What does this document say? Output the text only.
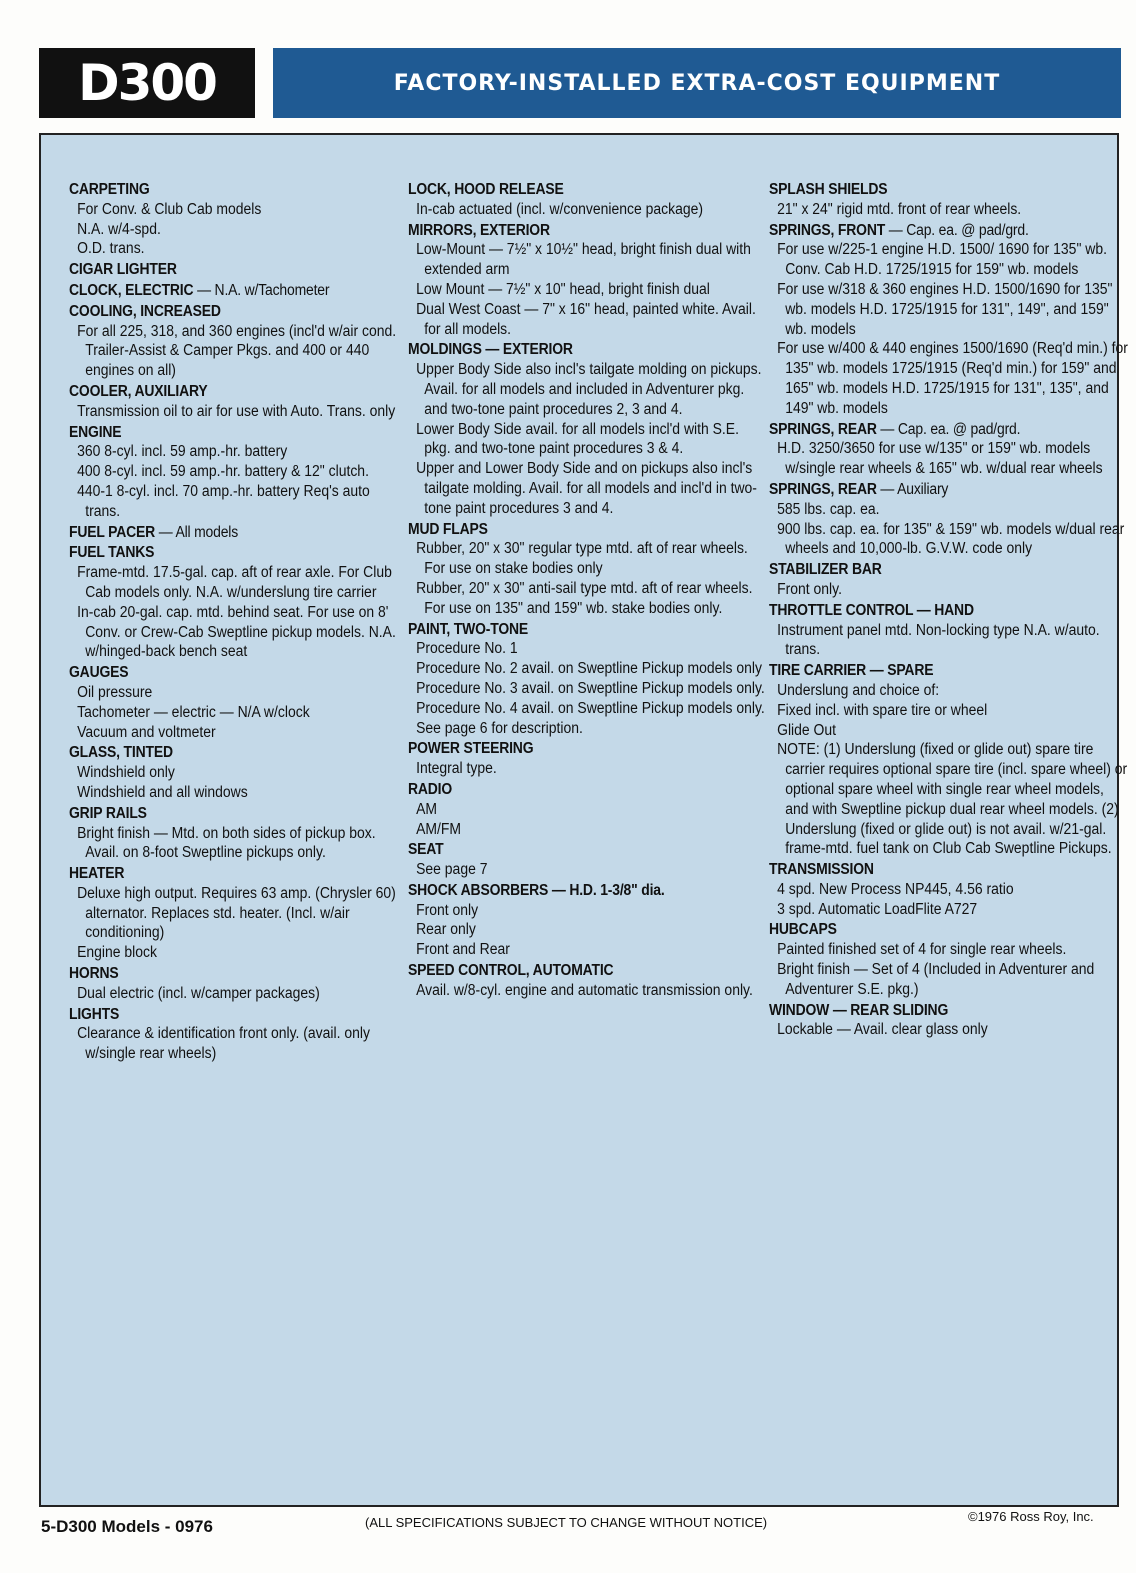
D300	FACTORY-INSTALLED EXTRA-COST EQUIPMENT
CARPETING
For Conv. & Club Cab models
N.A. w/4-spd.
O.D. trans.
CIGAR LIGHTER
CLOCK, ELECTRIC — N.A. w/Tachometer
COOLING, INCREASED
For all 225, 318, and 360 engines (incl'd w/air cond. Trailer-Assist & Camper Pkgs. and 400 or 440 engines on all)
COOLER, AUXILIARY
Transmission oil to air for use with Auto. Trans. only
ENGINE
360 8-cyl. incl. 59 amp.-hr. battery
400 8-cyl. incl. 59 amp.-hr. battery & 12" clutch.
440-1 8-cyl. incl. 70 amp.-hr. battery Req's auto trans.
FUEL PACER — All models
FUEL TANKS
Frame-mtd. 17.5-gal. cap. aft of rear axle. For Club Cab models only. N.A. w/underslung tire carrier
In-cab 20-gal. cap. mtd. behind seat. For use on 8' Conv. or Crew-Cab Sweptline pickup models. N.A. w/hinged-back bench seat
GAUGES
Oil pressure
Tachometer — electric — N/A w/clock
Vacuum and voltmeter
GLASS, TINTED
Windshield only
Windshield and all windows
GRIP RAILS
Bright finish — Mtd. on both sides of pickup box. Avail. on 8-foot Sweptline pickups only.
HEATER
Deluxe high output. Requires 63 amp. (Chrysler 60) alternator. Replaces std. heater. (Incl. w/air conditioning)
Engine block
HORNS
Dual electric (incl. w/camper packages)
LIGHTS
Clearance & identification front only. (avail. only w/single rear wheels)
LOCK, HOOD RELEASE
In-cab actuated (incl. w/convenience package)
MIRRORS, EXTERIOR
Low-Mount — 7½" x 10½" head, bright finish dual with extended arm
Low Mount — 7½" x 10" head, bright finish dual
Dual West Coast — 7" x 16" head, painted white. Avail. for all models.
MOLDINGS — EXTERIOR
Upper Body Side also incl's tailgate molding on pickups. Avail. for all models and included in Adventurer pkg. and two-tone paint procedures 2, 3 and 4.
Lower Body Side avail. for all models incl'd with S.E. pkg. and two-tone paint procedures 3 & 4.
Upper and Lower Body Side and on pickups also incl's tailgate molding. Avail. for all models and incl'd in two-tone paint procedures 3 and 4.
MUD FLAPS
Rubber, 20" x 30" regular type mtd. aft of rear wheels. For use on stake bodies only
Rubber, 20" x 30" anti-sail type mtd. aft of rear wheels. For use on 135" and 159" wb. stake bodies only.
PAINT, TWO-TONE
Procedure No. 1
Procedure No. 2 avail. on Sweptline Pickup models only
Procedure No. 3 avail. on Sweptline Pickup models only.
Procedure No. 4 avail. on Sweptline Pickup models only.
See page 6 for description.
POWER STEERING
Integral type.
RADIO
AM
AM/FM
SEAT
See page 7
SHOCK ABSORBERS — H.D. 1-3/8" dia.
Front only
Rear only
Front and Rear
SPEED CONTROL, AUTOMATIC
Avail. w/8-cyl. engine and automatic transmission only.
SPLASH SHIELDS
21" x 24" rigid mtd. front of rear wheels.
SPRINGS, FRONT — Cap. ea. @ pad/grd.
For use w/225-1 engine H.D. 1500/ 1690 for 135" wb. Conv. Cab H.D. 1725/1915 for 159" wb. models
For use w/318 & 360 engines H.D. 1500/1690 for 135" wb. models H.D. 1725/1915 for 131", 149", and 159" wb. models
For use w/400 & 440 engines 1500/1690 (Req'd min.) for 135" wb. models 1725/1915 (Req'd min.) for 159" and 165" wb. models H.D. 1725/1915 for 131", 135", and 149" wb. models
SPRINGS, REAR — Cap. ea. @ pad/grd.
H.D. 3250/3650 for use w/135" or 159" wb. models w/single rear wheels & 165" wb. w/dual rear wheels
SPRINGS, REAR — Auxiliary
585 lbs. cap. ea.
900 lbs. cap. ea. for 135" & 159" wb. models w/dual rear wheels and 10,000-lb. G.V.W. code only
STABILIZER BAR
Front only.
THROTTLE CONTROL — HAND
Instrument panel mtd. Non-locking type N.A. w/auto. trans.
TIRE CARRIER — SPARE
Underslung and choice of:
Fixed incl. with spare tire or wheel
Glide Out
NOTE: (1) Underslung (fixed or glide out) spare tire carrier requires optional spare tire (incl. spare wheel) or optional spare wheel with single rear wheel models, and with Sweptline pickup dual rear wheel models. (2) Underslung (fixed or glide out) is not avail. w/21-gal. frame-mtd. fuel tank on Club Cab Sweptline Pickups.
TRANSMISSION
4 spd. New Process NP445, 4.56 ratio
3 spd. Automatic LoadFlite A727
HUBCAPS
Painted finished set of 4 for single rear wheels.
Bright finish — Set of 4 (Included in Adventurer and Adventurer S.E. pkg.)
WINDOW — REAR SLIDING
Lockable — Avail. clear glass only
5-D300 Models - 0976	(ALL SPECIFICATIONS SUBJECT TO CHANGE WITHOUT NOTICE)	©1976 Ross Roy, Inc.
